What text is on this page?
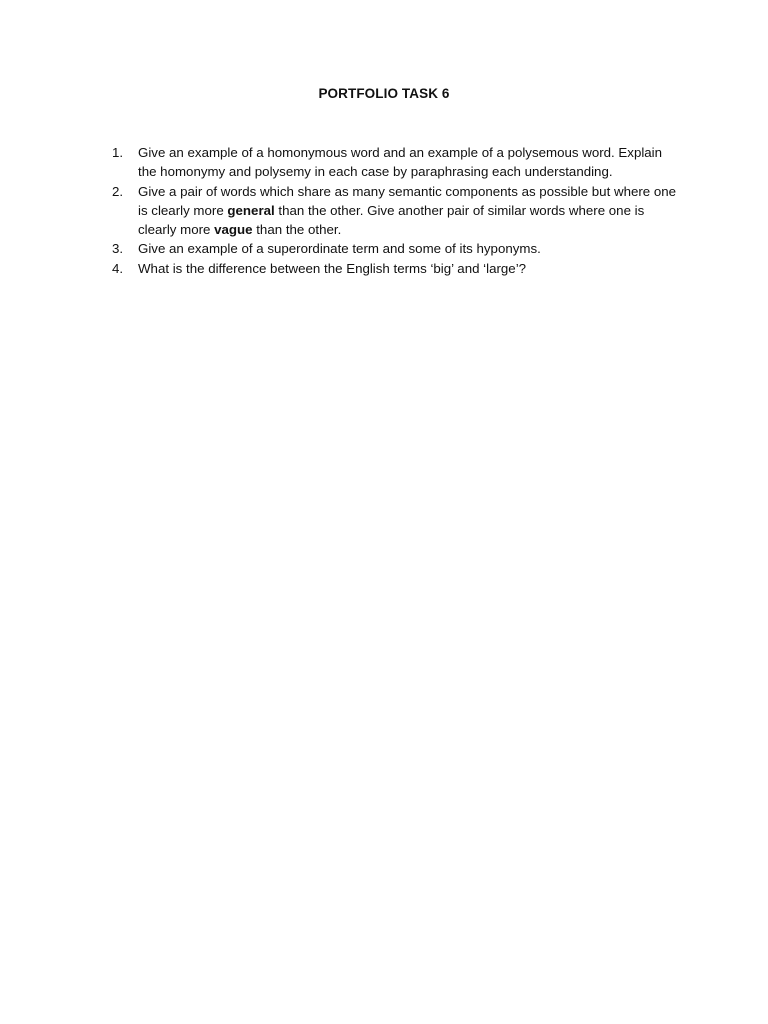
PORTFOLIO TASK 6
1.	Give an example of a homonymous word and an example of a polysemous word. Explain the homonymy and polysemy in each case by paraphrasing each understanding.
2.	Give a pair of words which share as many semantic components as possible but where one is clearly more general than the other. Give another pair of similar words where one is clearly more vague than the other.
3.	Give an example of a superordinate term and some of its hyponyms.
4.	What is the difference between the English terms ‘big’ and ‘large’?
